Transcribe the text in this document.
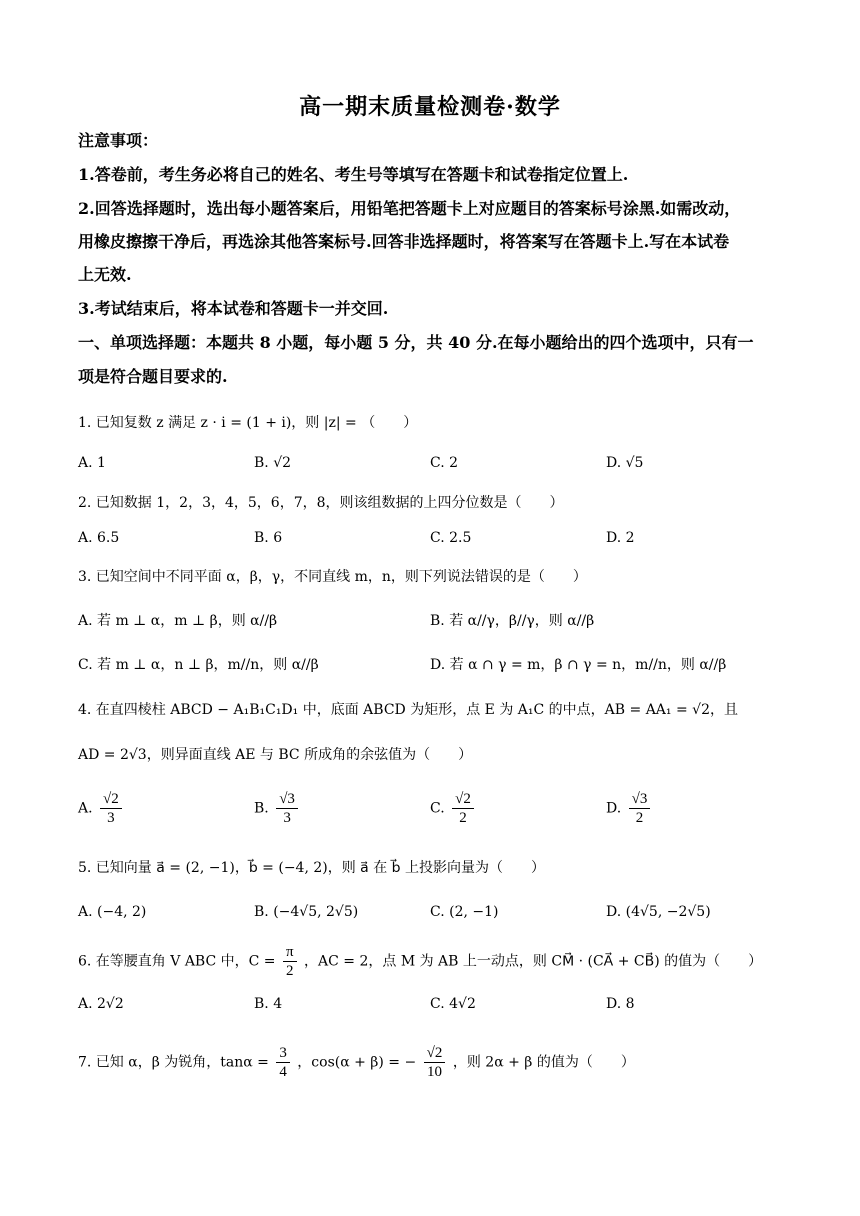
高一期末质量检测卷·数学
注意事项：
1.答卷前，考生务必将自己的姓名、考生号等填写在答题卡和试卷指定位置上.
2.回答选择题时，选出每小题答案后，用铅笔把答题卡上对应题目的答案标号涂黑.如需改动，
用橡皮擦擦干净后，再选涂其他答案标号.回答非选择题时，将答案写在答题卡上.写在本试卷
上无效.
3.考试结束后，将本试卷和答题卡一并交回.
一、单项选择题：本题共 8 小题，每小题 5 分，共 40 分.在每小题给出的四个选项中，只有一
项是符合题目要求的.
1. 已知复数 z 满足 z · i = (1 + i)，则 |z| = （　　）
A. 1	B. √2	C. 2	D. √5
2. 已知数据 1，2，3，4，5，6，7，8，则该组数据的上四分位数是（　　）
A. 6.5	B. 6	C. 2.5	D. 2
3. 已知空间中不同平面 α，β，γ，不同直线 m，n，则下列说法错误的是（　　）
A. 若 m ⊥ α，m ⊥ β，则 α//β	B. 若 α//γ，β//γ，则 α//β
C. 若 m ⊥ α，n ⊥ β，m//n，则 α//β	D. 若 α ∩ γ = m，β ∩ γ = n，m//n，则 α//β
4. 在直四棱柱 ABCD − A₁B₁C₁D₁ 中，底面 ABCD 为矩形，点 E 为 A₁C 的中点，AB = AA₁ = √2，且
AD = 2√3，则异面直线 AE 与 BC 所成角的余弦值为（　　）
A. $\frac{√2}{3}$	B. $\frac{√3}{3}$	C. $\frac{√2}{2}$	D. $\frac{√3}{2}$
5. 已知向量 a⃗ = (2, −1)，b⃗ = (−4, 2)，则 a⃗ 在 b⃗ 上投影向量为（　　）
A. (−4, 2)	B. (−4√5, 2√5)	C. (2, −1)	D. (4√5, −2√5)
6. 在等腰直角 V ABC 中，$C = \frac{\pi}{2}$ ，AC = 2，点 M 为 AB 上一动点，则 CM⃗ · (CA⃗ + CB⃗) 的值为（　　）
A. 2√2	B. 4	C. 4√2	D. 8
7. 已知 α，β 为锐角，$\tan\alpha = \frac{3}{4}$ ，cos(α + β) = − $\frac{√2}{10}$ ，则 2α + β 的值为（　　）
